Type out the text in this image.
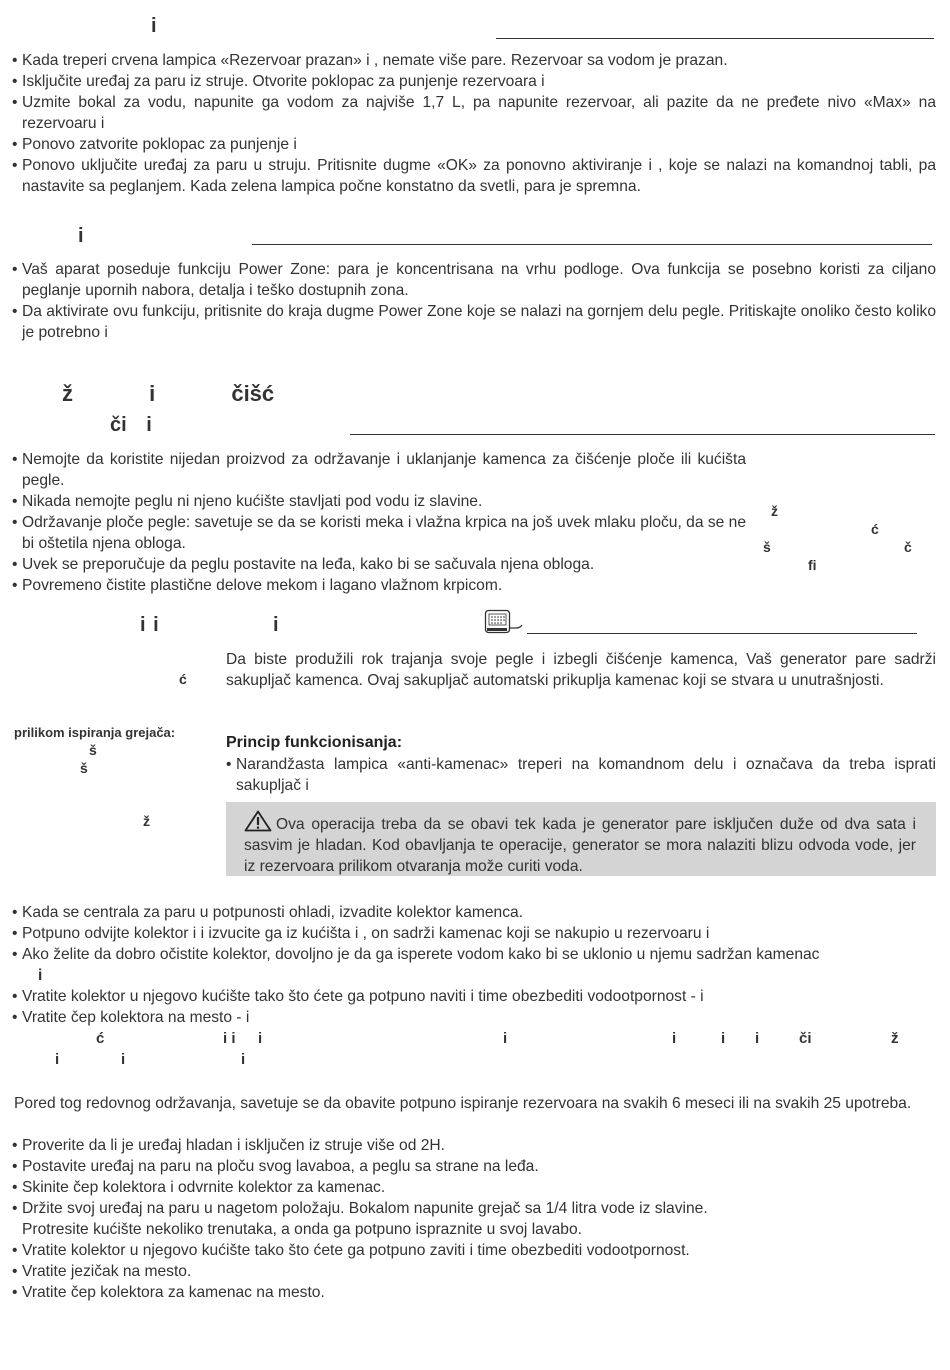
i
• Kada treperi crvena lampica «Rezervoar prazan» i , nemate više pare. Rezervoar sa vodom je prazan.
• Isključite uređaj za paru iz struje. Otvorite poklopac za punjenje rezervoara i
• Uzmite bokal za vodu, napunite ga vodom za najviše 1,7 L, pa napunite rezervoar, ali pazite da ne pređete nivo «Max» na rezervoaru i
• Ponovo zatvorite poklopac za punjenje i
• Ponovo uključite uređaj za paru u struju. Pritisnite dugme «OK» za ponovno aktiviranje i , koje se nalazi na komandnoj tabli, pa nastavite sa peglanjem. Kada zelena lampica počne konstatno da svetli, para je spremna.
i
• Vaš aparat poseduje funkciju Power Zone: para je koncentrisana na vrhu podloge. Ova funkcija se posebno koristi za ciljano peglanje upornih nabora, detalja i teško dostupnih zona.
• Da aktivirate ovu funkciju, pritisnite do kraja dugme Power Zone koje se nalazi na gornjem delu pegle. Pritiskajte onoliko često koliko je potrebno i
ž i čišć
či i
• Nemojte da koristite nijedan proizvod za održavanje i uklanjanje kamenca za čišćenje ploče ili kućišta pegle.
• Nikada nemojte peglu ni njeno kućište stavljati pod vodu iz slavine.
• Održavanje ploče pegle: savetuje se da se koristi meka i vlažna krpica na još uvek mlaku ploču, da se ne bi oštetila njena obloga.
• Uvek se preporučuje da peglu postavite na leđa, kako bi se sačuvala njena obloga.
• Povremeno čistite plastične delove mekom i lagano vlažnom krpicom.
ž
ć
š	č
fi
i i	i
ć
prilikom ispiranja grejača:
š
š
ž

Da biste produžili rok trajanja svoje pegle i izbegli čišćenje kamenca, Vaš generator pare sadrži sakupljač kamenca. Ovaj sakupljač automatski prikuplja kamenac koji se stvara u unutrašnjosti.

Princip funkcionisanja:
• Narandžasta lampica «anti-kamenac» treperi na komandnom delu i označava da treba isprati sakupljač i
Ova operacija treba da se obavi tek kada je generator pare isključen duže od dva sata i sasvim je hladan. Kod obavljanja te operacije, generator se mora nalaziti blizu odvoda vode, jer iz rezervoara prilikom otvaranja može curiti voda.
• Kada se centrala za paru u potpunosti ohladi, izvadite kolektor kamenca.
• Potpuno odvijte kolektor i i izvucite ga iz kućišta i , on sadrži kamenac koji se nakupio u rezervoaru i
• Ako želite da dobro očistite kolektor, dovoljno je da ga isperete vodom kako bi se uklonio u njemu sadržan kamenac
i
• Vratite kolektor u njegovo kućište tako što ćete ga potpuno naviti i time obezbediti vodootpornost - i
• Vratite čep kolektora na mesto - i
ć	i i i	i	i	i i	či	ž
i	i	i

Pored tog redovnog održavanja, savetuje se da obavite potpuno ispiranje rezervoara na svakih 6 meseci ili na svakih 25 upotreba.

• Proverite da li je uređaj hladan i isključen iz struje više od 2H.
• Postavite uređaj na paru na ploču svog lavaboa, a peglu sa strane na leđa.
• Skinite čep kolektora i odvrnite kolektor za kamenac.
• Držite svoj uređaj na paru u nagetom položaju. Bokalom napunite grejač sa 1/4 litra vode iz slavine.
Protresite kućište nekoliko trenutaka, a onda ga potpuno ispraznite u svoj lavabo.
• Vratite kolektor u njegovo kućište tako što ćete ga potpuno zaviti i time obezbediti vodootpornost.
• Vratite jezičak na mesto.
• Vratite čep kolektora za kamenac na mesto.
